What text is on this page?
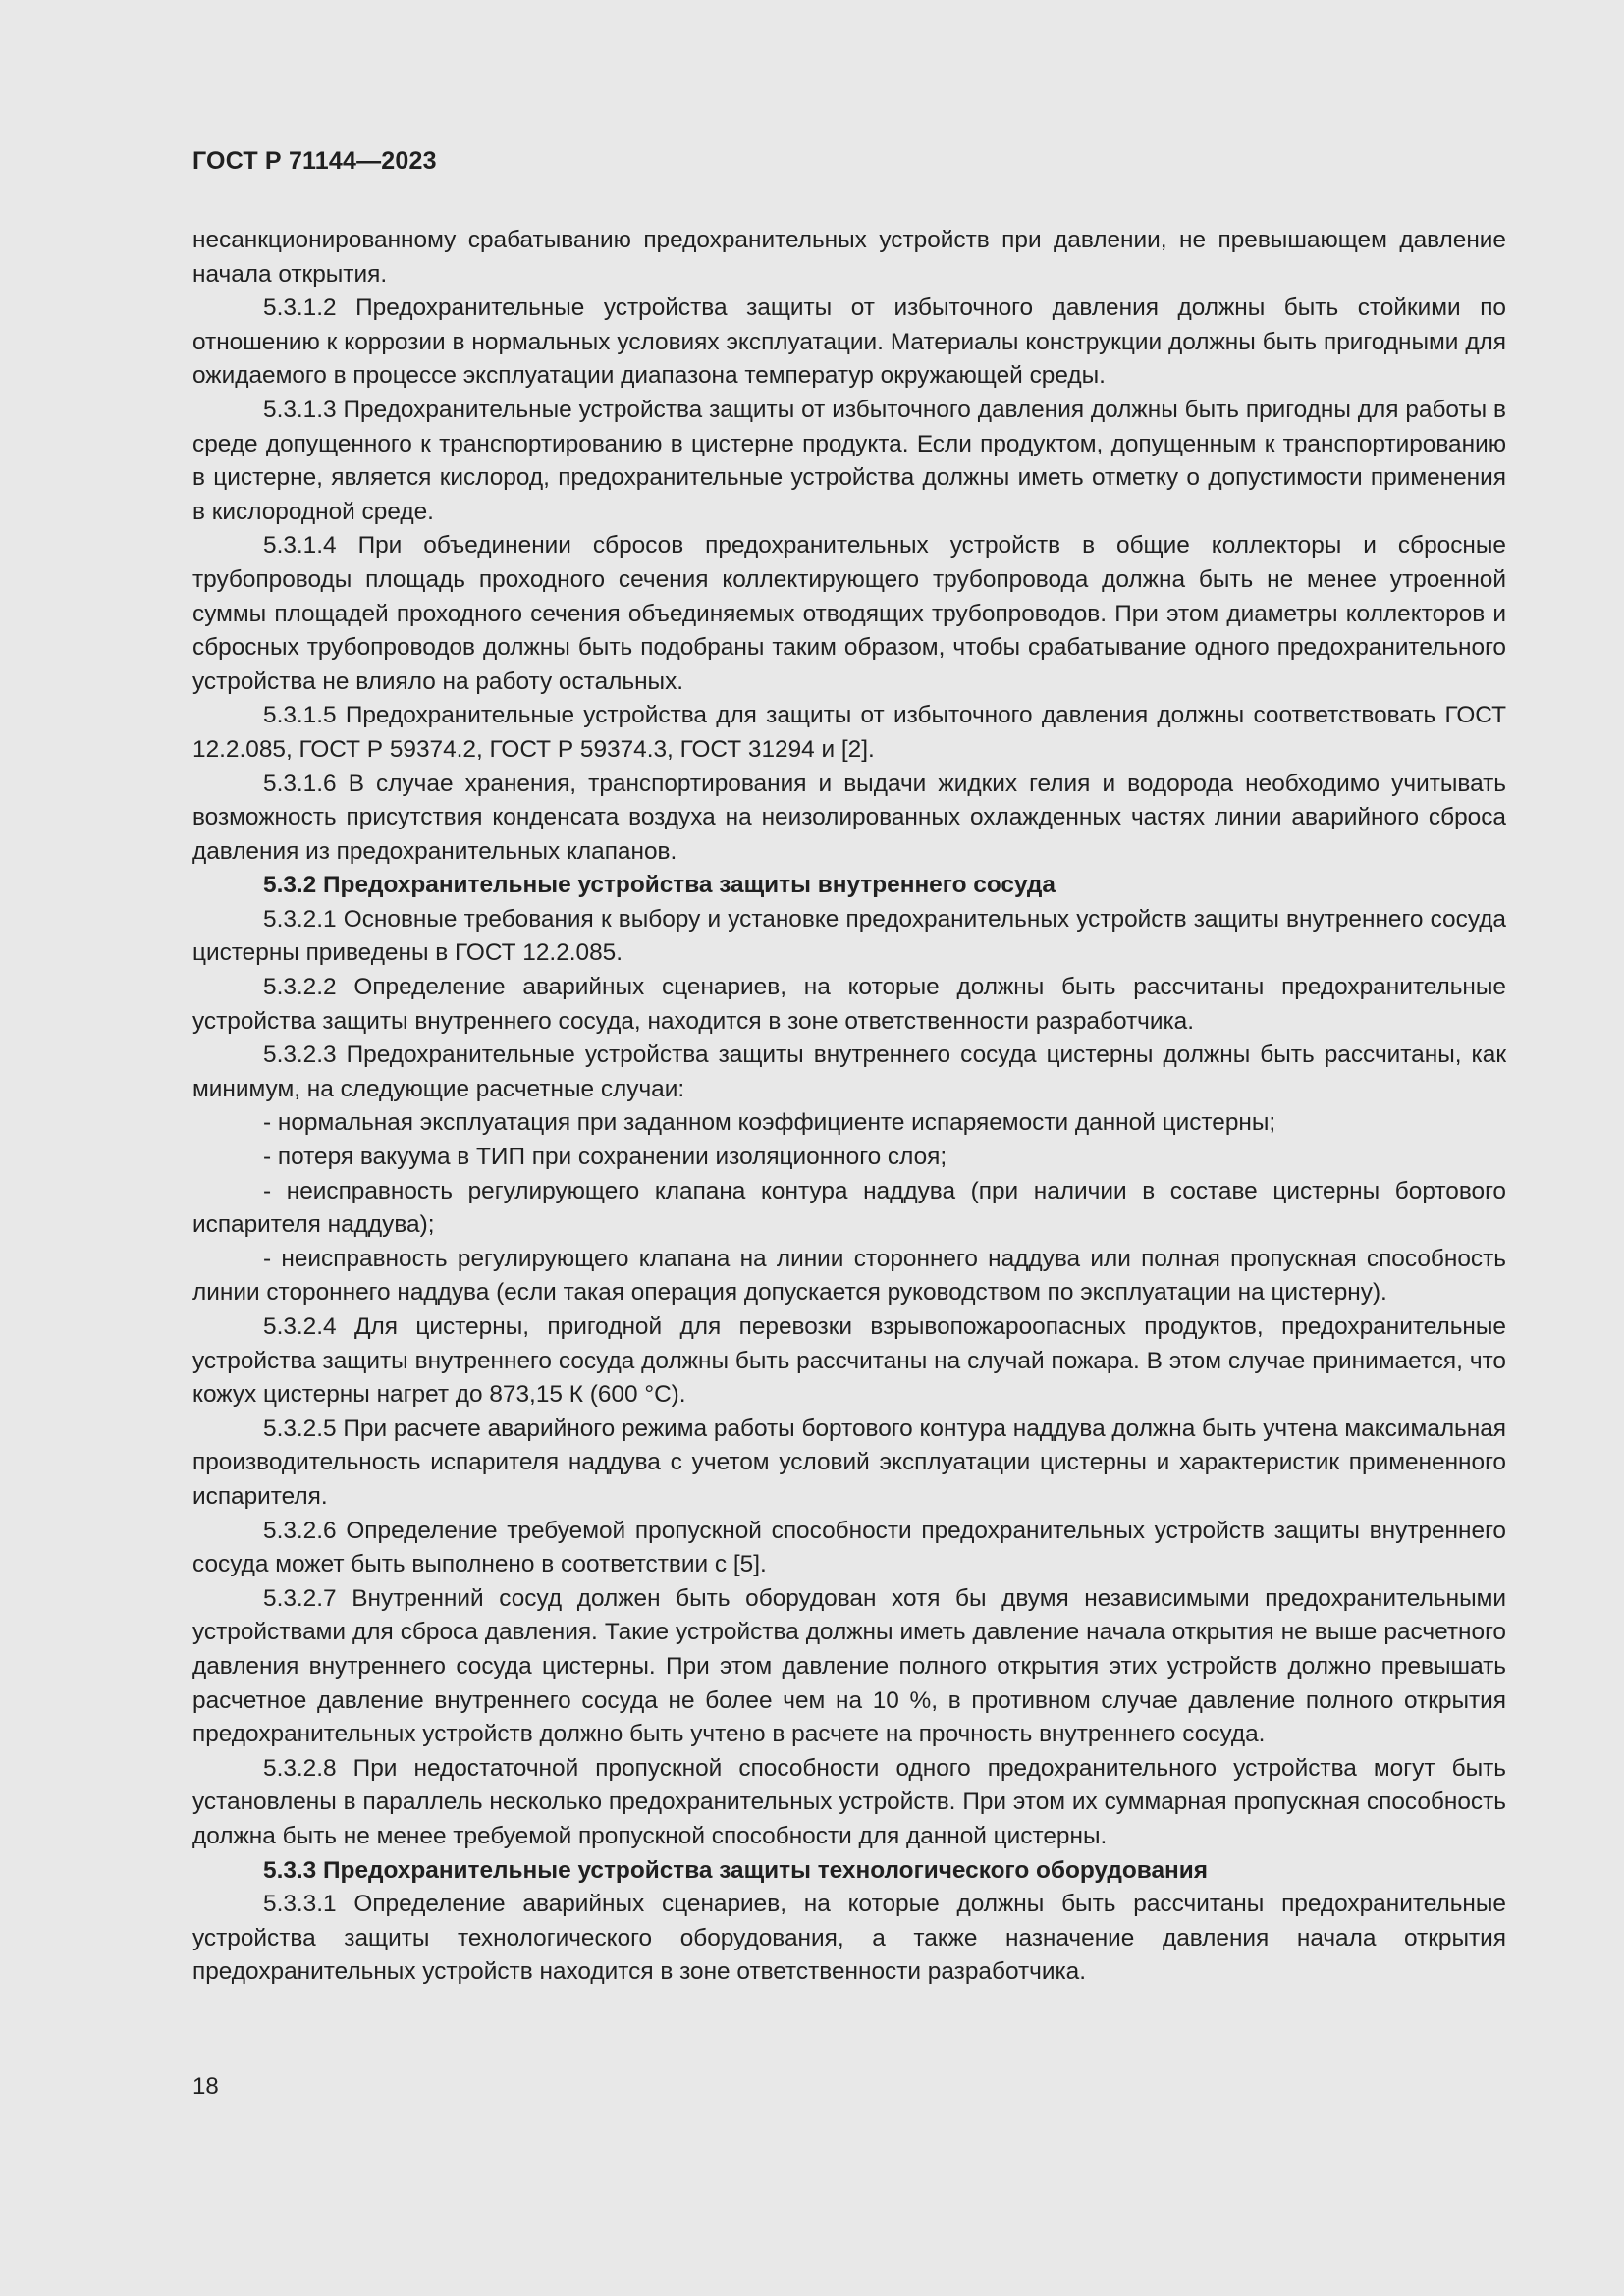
ГОСТ Р 71144—2023

несанкционированному срабатыванию предохранительных устройств при давлении, не превышающем давление начала открытия.

5.3.1.2 Предохранительные устройства защиты от избыточного давления должны быть стойкими по отношению к коррозии в нормальных условиях эксплуатации. Материалы конструкции должны быть пригодными для ожидаемого в процессе эксплуатации диапазона температур окружающей среды.

5.3.1.3 Предохранительные устройства защиты от избыточного давления должны быть пригодны для работы в среде допущенного к транспортированию в цистерне продукта. Если продуктом, допущенным к транспортированию в цистерне, является кислород, предохранительные устройства должны иметь отметку о допустимости применения в кислородной среде.

5.3.1.4 При объединении сбросов предохранительных устройств в общие коллекторы и сбросные трубопроводы площадь проходного сечения коллектирующего трубопровода должна быть не менее утроенной суммы площадей проходного сечения объединяемых отводящих трубопроводов. При этом диаметры коллекторов и сбросных трубопроводов должны быть подобраны таким образом, чтобы срабатывание одного предохранительного устройства не влияло на работу остальных.

5.3.1.5 Предохранительные устройства для защиты от избыточного давления должны соответствовать ГОСТ 12.2.085, ГОСТ Р 59374.2, ГОСТ Р 59374.3, ГОСТ 31294 и [2].

5.3.1.6 В случае хранения, транспортирования и выдачи жидких гелия и водорода необходимо учитывать возможность присутствия конденсата воздуха на неизолированных охлажденных частях линии аварийного сброса давления из предохранительных клапанов.

5.3.2 Предохранительные устройства защиты внутреннего сосуда

5.3.2.1 Основные требования к выбору и установке предохранительных устройств защиты внутреннего сосуда цистерны приведены в ГОСТ 12.2.085.

5.3.2.2 Определение аварийных сценариев, на которые должны быть рассчитаны предохранительные устройства защиты внутреннего сосуда, находится в зоне ответственности разработчика.

5.3.2.3 Предохранительные устройства защиты внутреннего сосуда цистерны должны быть рассчитаны, как минимум, на следующие расчетные случаи:

- нормальная эксплуатация при заданном коэффициенте испаряемости данной цистерны;

- потеря вакуума в ТИП при сохранении изоляционного слоя;

- неисправность регулирующего клапана контура наддува (при наличии в составе цистерны бортового испарителя наддува);

- неисправность регулирующего клапана на линии стороннего наддува или полная пропускная способность линии стороннего наддува (если такая операция допускается руководством по эксплуатации на цистерну).

5.3.2.4 Для цистерны, пригодной для перевозки взрывопожароопасных продуктов, предохранительные устройства защиты внутреннего сосуда должны быть рассчитаны на случай пожара. В этом случае принимается, что кожух цистерны нагрет до 873,15 К (600 °С).

5.3.2.5 При расчете аварийного режима работы бортового контура наддува должна быть учтена максимальная производительность испарителя наддува с учетом условий эксплуатации цистерны и характеристик примененного испарителя.

5.3.2.6 Определение требуемой пропускной способности предохранительных устройств защиты внутреннего сосуда может быть выполнено в соответствии с [5].

5.3.2.7 Внутренний сосуд должен быть оборудован хотя бы двумя независимыми предохранительными устройствами для сброса давления. Такие устройства должны иметь давление начала открытия не выше расчетного давления внутреннего сосуда цистерны. При этом давление полного открытия этих устройств должно превышать расчетное давление внутреннего сосуда не более чем на 10 %, в противном случае давление полного открытия предохранительных устройств должно быть учтено в расчете на прочность внутреннего сосуда.

5.3.2.8 При недостаточной пропускной способности одного предохранительного устройства могут быть установлены в параллель несколько предохранительных устройств. При этом их суммарная пропускная способность должна быть не менее требуемой пропускной способности для данной цистерны.

5.3.3 Предохранительные устройства защиты технологического оборудования

5.3.3.1 Определение аварийных сценариев, на которые должны быть рассчитаны предохранительные устройства защиты технологического оборудования, а также назначение давления начала открытия предохранительных устройств находится в зоне ответственности разработчика.

18
